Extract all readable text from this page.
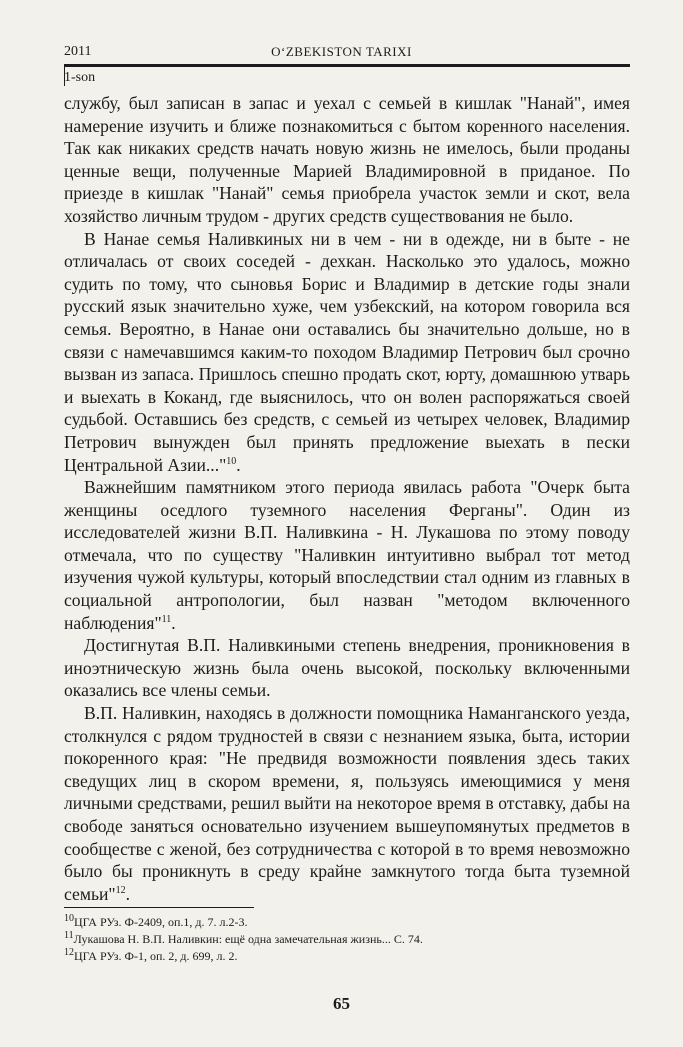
2011	O‘ZBEKISTON TARIXI
1-son

службу, был записан в запас и уехал с семьей в кишлак "Нанай", имея намерение изучить и ближе познакомиться с бытом коренного населения. Так как никаких средств начать новую жизнь не имелось, были проданы ценные вещи, полученные Марией Владимировной в приданое. По приезде в кишлак "Нанай" семья приобрела участок земли и скот, вела хозяйство личным трудом - других средств существования не было.

В Нанае семья Наливкиных ни в чем - ни в одежде, ни в быте - не отличалась от своих соседей - дехкан. Насколько это удалось, можно судить по тому, что сыновья Борис и Владимир в детские годы знали русский язык значительно хуже, чем узбекский, на котором говорила вся семья. Вероятно, в Нанае они оставались бы значительно дольше, но в связи с намечавшимся каким-то походом Владимир Петрович был срочно вызван из запаса. Пришлось спешно продать скот, юрту, домашнюю утварь и выехать в Коканд, где выяснилось, что он волен распоряжаться своей судьбой. Оставшись без средств, с семьей из четырех человек, Владимир Петрович вынужден был принять предложение выехать в пески Центральной Азии..."$^{10}$.

Важнейшим памятником этого периода явилась работа "Очерк быта женщины оседлого туземного населения Ферганы". Один из исследователей жизни В.П. Наливкина - Н. Лукашова по этому поводу отмечала, что по существу "Наливкин интуитивно выбрал тот метод изучения чужой культуры, который впоследствии стал одним из главных в социальной антропологии, был назван "методом включенного наблюдения"$^{11}$.

Достигнутая В.П. Наливкиными степень внедрения, проникновения в иноэтническую жизнь была очень высокой, поскольку включенными оказались все члены семьи.

В.П. Наливкин, находясь в должности помощника Наманганского уезда, столкнулся с рядом трудностей в связи с незнанием языка, быта, истории покоренного края: "Не предвидя возможности появления здесь таких сведущих лиц в скором времени, я, пользуясь имеющимися у меня личными средствами, решил выйти на некоторое время в отставку, дабы на свободе заняться основательно изучением вышеупомянутых предметов в сообществе с женой, без сотрудничества с которой в то время невозможно было бы проникнуть в среду крайне замкнутого тогда быта туземной семьи"$^{12}$.

$^{10}$ЦГА РУз. Ф-2409, оп.1, д. 7. л.2-3.
$^{11}$Лукашова Н. В.П. Наливкин: ещё одна замечательная жизнь... С. 74.
$^{12}$ЦГА РУз. Ф-1, оп. 2, д. 699, л. 2.
65
